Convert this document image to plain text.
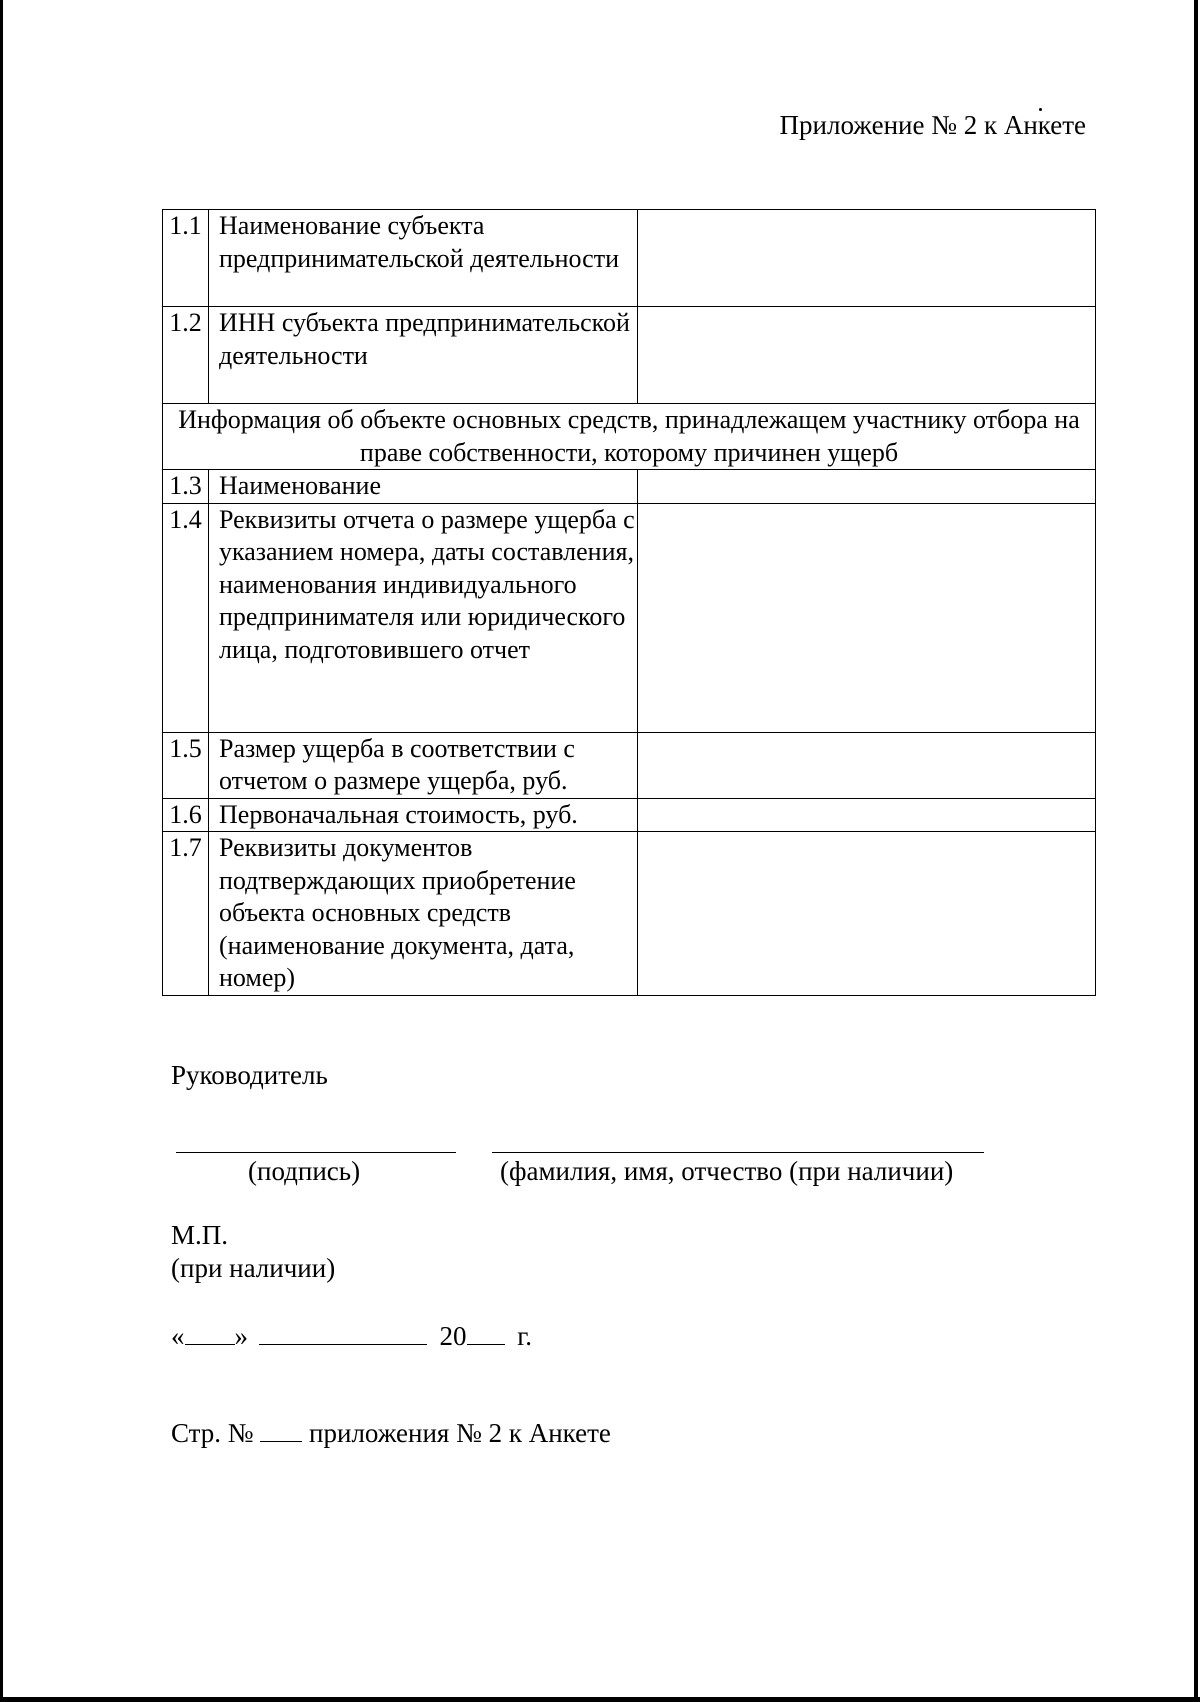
Приложение № 2 к Анкете
1.1	Наименование субъекта предпринимательской деятельности	
1.2	ИНН субъекта предпринимательской деятельности	
Информация об объекте основных средств, принадлежащем участнику отбора на праве собственности, которому причинен ущерб		
1.3	Наименование	
1.4	Реквизиты отчета о размере ущерба с указанием номера, даты составления, наименования индивидуального предпринимателя или юридического лица, подготовившего отчет	
1.5	Размер ущерба в соответствии с отчетом о размере ущерба, руб.	
1.6	Первоначальная стоимость, руб.	
1.7	Реквизиты документов подтверждающих приобретение объекта основных средств (наименование документа, дата, номер)	
Руководитель
(подпись)	(фамилия, имя, отчество (при наличии)
М.П.
(при наличии)
« »	20 г.
Стр. № приложения № 2 к Анкете
